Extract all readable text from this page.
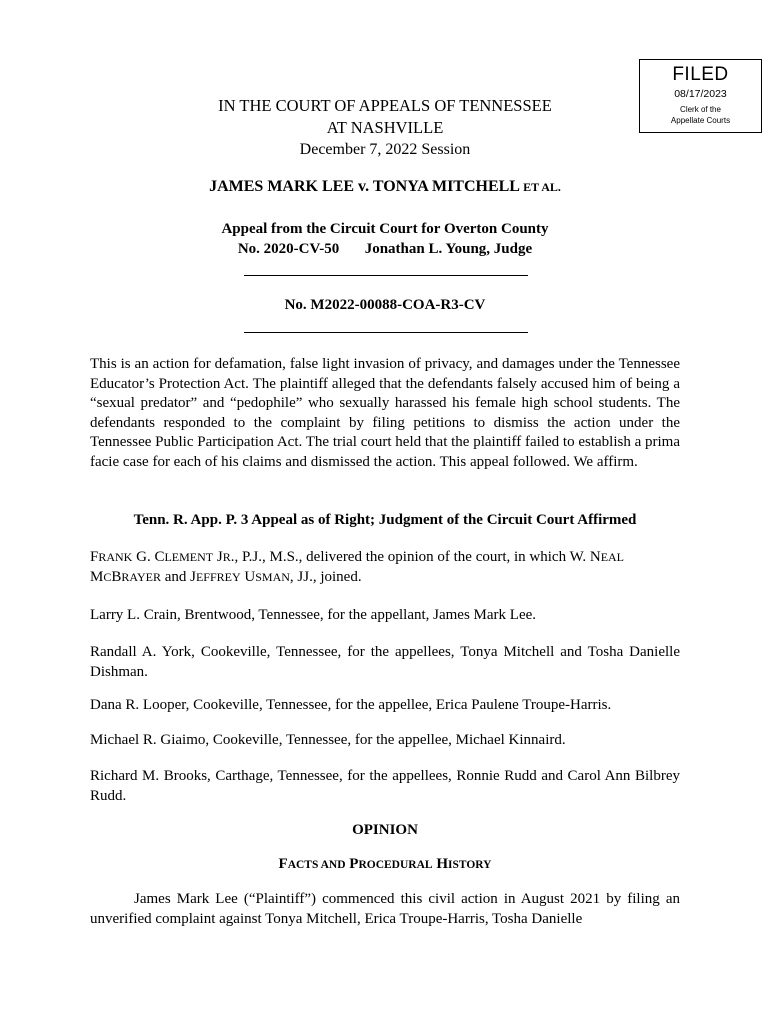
FILED
08/17/2023
Clerk of the
Appellate Courts
IN THE COURT OF APPEALS OF TENNESSEE
AT NASHVILLE
December 7, 2022 Session
JAMES MARK LEE v. TONYA MITCHELL ET AL.
Appeal from the Circuit Court for Overton County
No. 2020-CV-50 Jonathan L. Young, Judge
No. M2022-00088-COA-R3-CV
This is an action for defamation, false light invasion of privacy, and damages under the Tennessee Educator’s Protection Act. The plaintiff alleged that the defendants falsely accused him of being a “sexual predator” and “pedophile” who sexually harassed his female high school students. The defendants responded to the complaint by filing petitions to dismiss the action under the Tennessee Public Participation Act. The trial court held that the plaintiff failed to establish a prima facie case for each of his claims and dismissed the action. This appeal followed. We affirm.
Tenn. R. App. P. 3 Appeal as of Right; Judgment of the Circuit Court Affirmed
FRANK G. CLEMENT JR., P.J., M.S., delivered the opinion of the court, in which W. NEAL
MCBRAYER and JEFFREY USMAN, JJ., joined.
Larry L. Crain, Brentwood, Tennessee, for the appellant, James Mark Lee.
Randall A. York, Cookeville, Tennessee, for the appellees, Tonya Mitchell and Tosha Danielle Dishman.
Dana R. Looper, Cookeville, Tennessee, for the appellee, Erica Paulene Troupe-Harris.
Michael R. Giaimo, Cookeville, Tennessee, for the appellee, Michael Kinnaird.
Richard M. Brooks, Carthage, Tennessee, for the appellees, Ronnie Rudd and Carol Ann Bilbrey Rudd.
OPINION
FACTS AND PROCEDURAL HISTORY
James Mark Lee (“Plaintiff”) commenced this civil action in August 2021 by filing an unverified complaint against Tonya Mitchell, Erica Troupe-Harris, Tosha Danielle
